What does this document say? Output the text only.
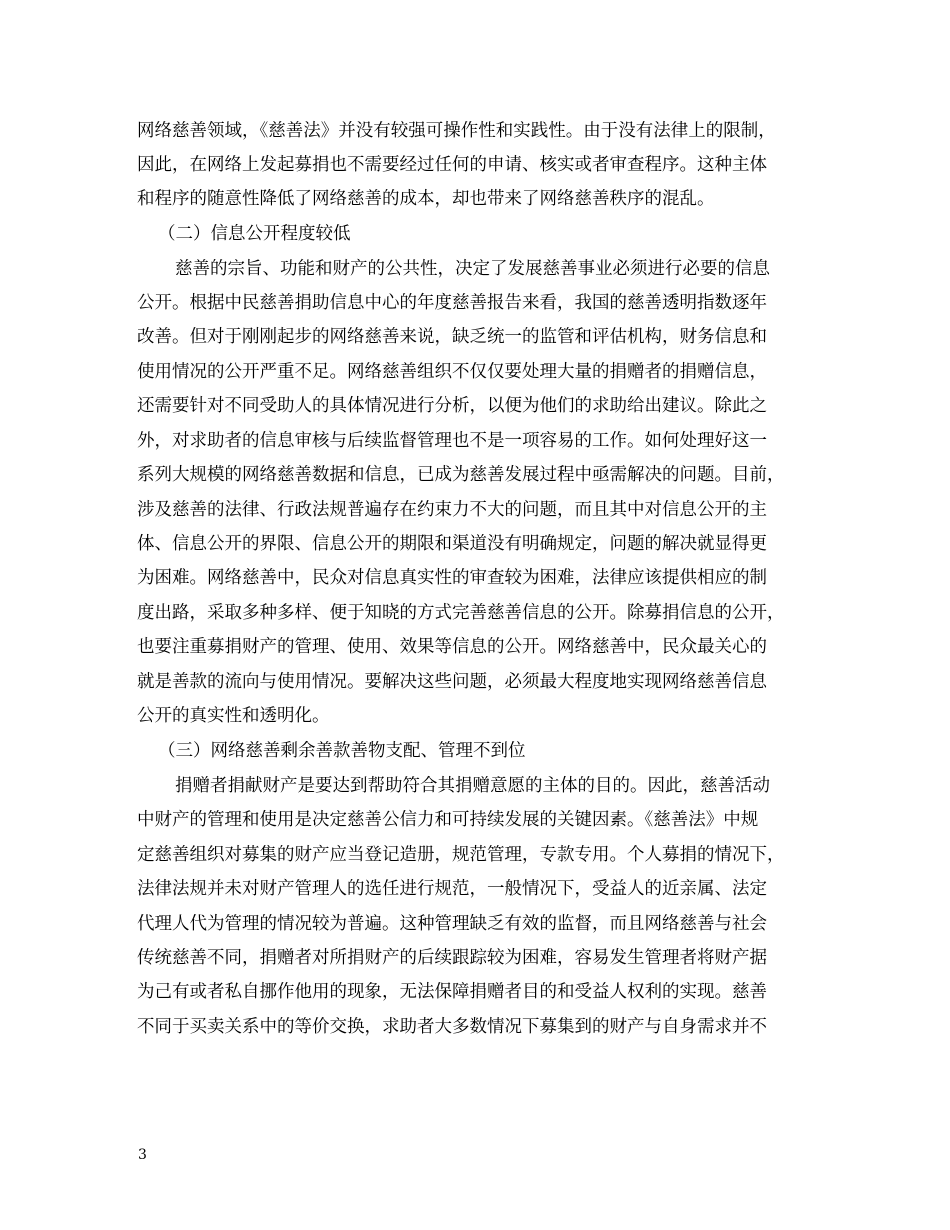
网络慈善领域，《慈善法》并没有较强可操作性和实践性。由于没有法律上的限制，
因此，在网络上发起募捐也不需要经过任何的申请、核实或者审查程序。这种主体
和程序的随意性降低了网络慈善的成本，却也带来了网络慈善秩序的混乱。
（二）信息公开程度较低
慈善的宗旨、功能和财产的公共性，决定了发展慈善事业必须进行必要的信息
公开。根据中民慈善捐助信息中心的年度慈善报告来看，我国的慈善透明指数逐年
改善。但对于刚刚起步的网络慈善来说，缺乏统一的监管和评估机构，财务信息和
使用情况的公开严重不足。网络慈善组织不仅仅要处理大量的捐赠者的捐赠信息，
还需要针对不同受助人的具体情况进行分析，以便为他们的求助给出建议。除此之
外，对求助者的信息审核与后续监督管理也不是一项容易的工作。如何处理好这一
系列大规模的网络慈善数据和信息，已成为慈善发展过程中亟需解决的问题。目前，
涉及慈善的法律、行政法规普遍存在约束力不大的问题，而且其中对信息公开的主
体、信息公开的界限、信息公开的期限和渠道没有明确规定，问题的解决就显得更
为困难。网络慈善中，民众对信息真实性的审查较为困难，法律应该提供相应的制
度出路，采取多种多样、便于知晓的方式完善慈善信息的公开。除募捐信息的公开，
也要注重募捐财产的管理、使用、效果等信息的公开。网络慈善中，民众最关心的
就是善款的流向与使用情况。要解决这些问题，必须最大程度地实现网络慈善信息
公开的真实性和透明化。
（三）网络慈善剩余善款善物支配、管理不到位
捐赠者捐献财产是要达到帮助符合其捐赠意愿的主体的目的。因此，慈善活动
中财产的管理和使用是决定慈善公信力和可持续发展的关键因素。《慈善法》中规
定慈善组织对募集的财产应当登记造册，规范管理，专款专用。个人募捐的情况下，
法律法规并未对财产管理人的选任进行规范，一般情况下，受益人的近亲属、法定
代理人代为管理的情况较为普遍。这种管理缺乏有效的监督，而且网络慈善与社会
传统慈善不同，捐赠者对所捐财产的后续跟踪较为困难，容易发生管理者将财产据
为己有或者私自挪作他用的现象，无法保障捐赠者目的和受益人权利的实现。慈善
不同于买卖关系中的等价交换，求助者大多数情况下募集到的财产与自身需求并不
3
